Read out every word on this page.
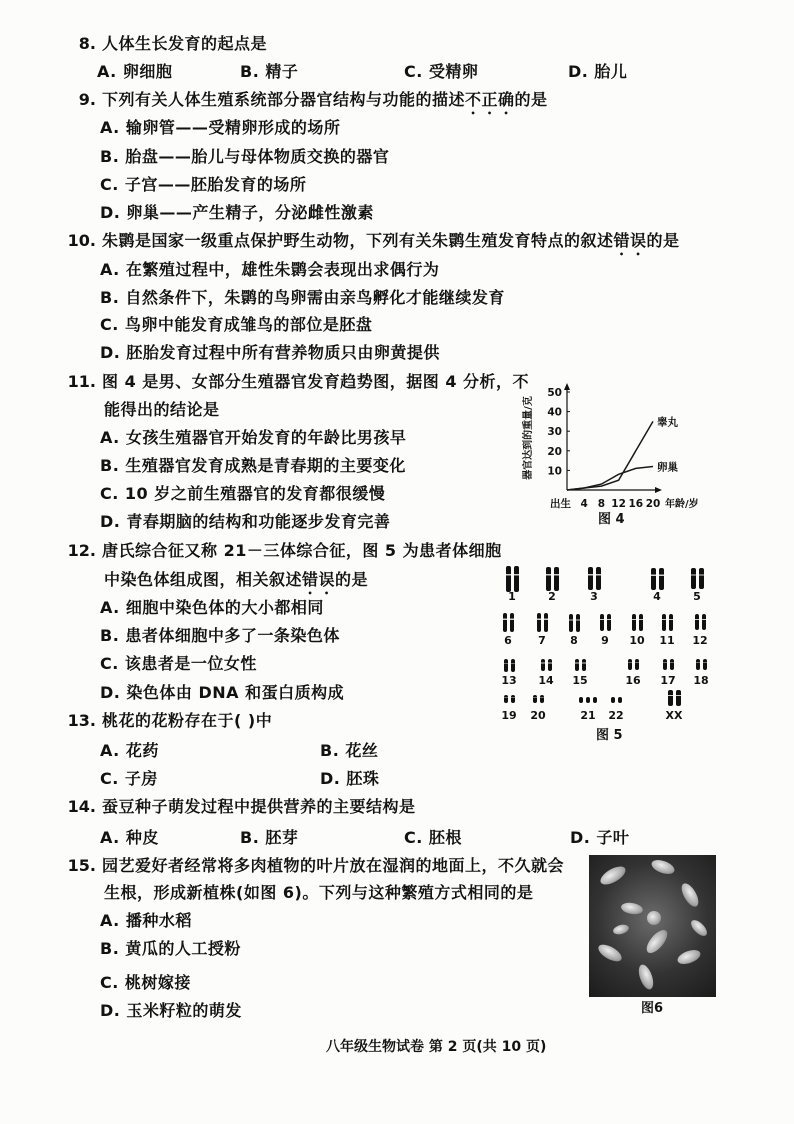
8. 人体生长发育的起点是
A. 卵细胞	B. 精子	C. 受精卵	D. 胎儿
9. 下列有关人体生殖系统部分器官结构与功能的描述不正确的是
A. 输卵管——受精卵形成的场所
B. 胎盘——胎儿与母体物质交换的器官
C. 子宫——胚胎发育的场所
D. 卵巢——产生精子，分泌雌性激素
10. 朱鹮是国家一级重点保护野生动物，下列有关朱鹮生殖发育特点的叙述错误的是
A. 在繁殖过程中，雄性朱鹮会表现出求偶行为
B. 自然条件下，朱鹮的鸟卵需由亲鸟孵化才能继续发育
C. 鸟卵中能发育成雏鸟的部位是胚盘
D. 胚胎发育过程中所有营养物质只由卵黄提供
11. 图 4 是男、女部分生殖器官发育趋势图，据图 4 分析，不
能得出的结论是
A. 女孩生殖器官开始发育的年龄比男孩早
B. 生殖器官发育成熟是青春期的主要变化
C. 10 岁之前生殖器官的发育都很缓慢
D. 青春期脑的结构和功能逐步发育完善
10
20
30
40
50
出生 4 8 12 16 20 年龄/岁
器官达到的重量/克	睾丸
卵巢
图 4
12. 唐氏综合征又称 21－三体综合征，图 5 为患者体细胞
中染色体组成图，相关叙述错误的是
A. 细胞中染色体的大小都相同
B. 患者体细胞中多了一条染色体
C. 该患者是一位女性
D. 染色体由 DNA 和蛋白质构成
1	2	3	4	5
6	7	8	9	10	11	12
13	14	15	16	17	18
19	20	21	22	XX
图 5
13. 桃花的花粉存在于( )中
A. 花药	B. 花丝
C. 子房	D. 胚珠
14. 蚕豆种子萌发过程中提供营养的主要结构是
A. 种皮	B. 胚芽	C. 胚根	D. 子叶
15. 园艺爱好者经常将多肉植物的叶片放在湿润的地面上，不久就会
生根，形成新植株(如图 6)。下列与这种繁殖方式相同的是
A. 播种水稻
B. 黄瓜的人工授粉
C. 桃树嫁接
D. 玉米籽粒的萌发	图6
八年级生物试卷 第 2 页(共 10 页)
